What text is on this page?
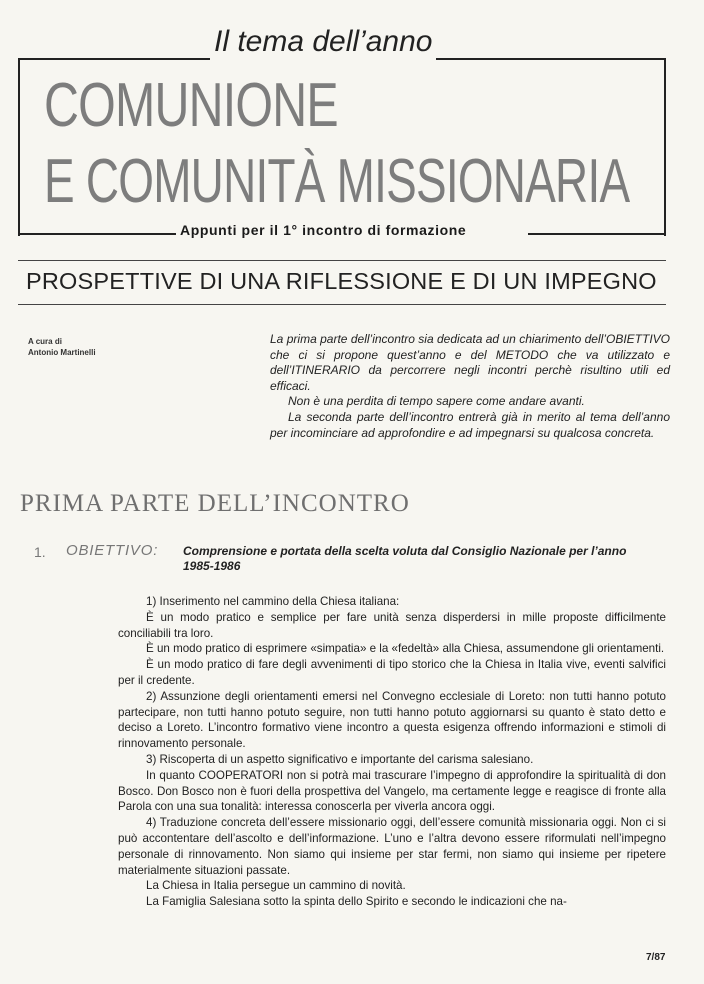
Il tema dell’anno
COMUNIONE
E COMUNITÀ MISSIONARIA
Appunti per il 1° incontro di formazione
PROSPETTIVE DI UNA RIFLESSIONE E DI UN IMPEGNO
A cura di
Antonio Martinelli

La prima parte dell’incontro sia dedicata ad un chiarimento dell’OBIETTIVO che ci si propone quest’anno e del METODO che va utilizzato e dell’ITINERARIO da percorrere negli incontri perchè risultino utili ed efficaci.

Non è una perdita di tempo sapere come andare avanti.

La seconda parte dell’incontro entrerà già in merito al tema dell’anno per incominciare ad approfondire e ad impegnarsi su qualcosa concreta.

PRIMA PARTE DELL’INCONTRO
1. OBIETTIVO: Comprensione e portata della scelta voluta dal Consiglio Nazionale per l’anno 1985-1986

1) Inserimento nel cammino della Chiesa italiana:

È un modo pratico e semplice per fare unità senza disperdersi in mille proposte difficilmente conciliabili tra loro.

È un modo pratico di esprimere «simpatia» e la «fedeltà» alla Chiesa, assumendone gli orientamenti.

È un modo pratico di fare degli avvenimenti di tipo storico che la Chiesa in Italia vive, eventi salvifici per il credente.

2) Assunzione degli orientamenti emersi nel Convegno ecclesiale di Loreto: non tutti hanno potuto partecipare, non tutti hanno potuto seguire, non tutti hanno potuto aggiornarsi su quanto è stato detto e deciso a Loreto. L’incontro formativo viene incontro a questa esigenza offrendo informazioni e stimoli di rinnovamento personale.

3) Riscoperta di un aspetto significativo e importante del carisma salesiano.

In quanto COOPERATORI non si potrà mai trascurare l’impegno di approfondire la spiritualità di don Bosco. Don Bosco non è fuori della prospettiva del Vangelo, ma certamente legge e reagisce di fronte alla Parola con una sua tonalità: interessa conoscerla per viverla ancora oggi.

4) Traduzione concreta dell’essere missionario oggi, dell’essere comunità missionaria oggi. Non ci si può accontentare dell’ascolto e dell’informazione. L’uno e l’altra devono essere riformulati nell’impegno personale di rinnovamento. Non siamo qui insieme per star fermi, non siamo qui insieme per ripetere materialmente situazioni passate.

La Chiesa in Italia persegue un cammino di novità.

La Famiglia Salesiana sotto la spinta dello Spirito e secondo le indicazioni che na-

7/87
